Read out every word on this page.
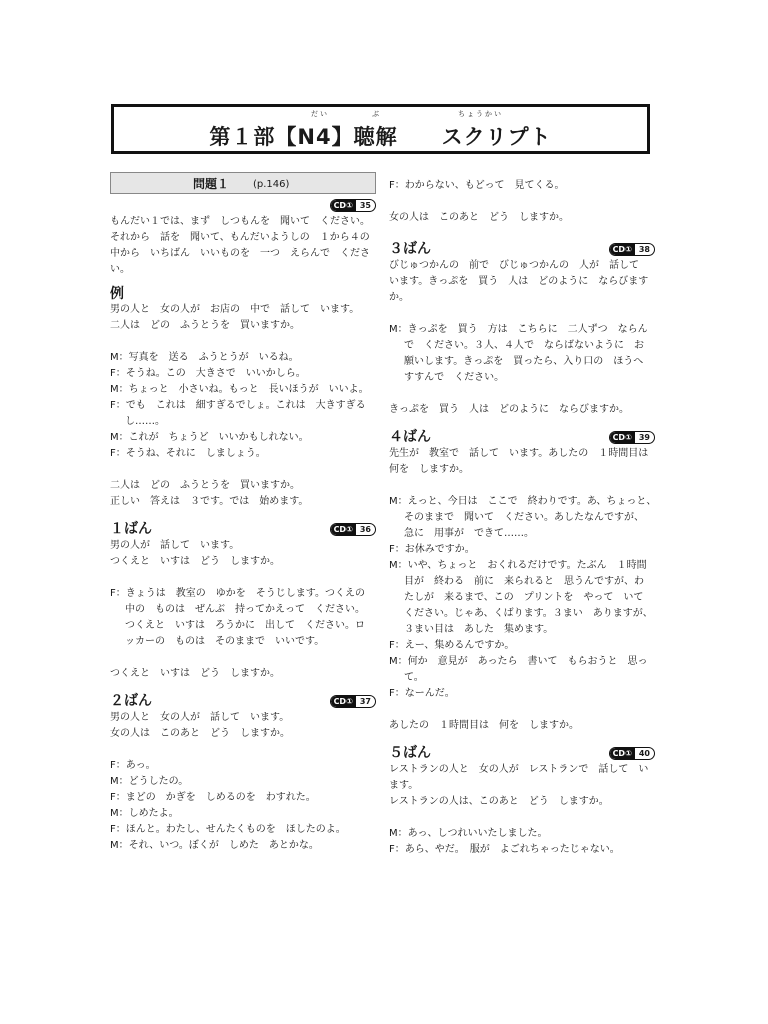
だい	ぶ	ちょうかい
第１部【N4】聴解　　スクリプト
問題１ (p.146)
CD① 35
もんだい１では、まず　しつもんを　聞いて　ください。
それから　話を　聞いて、もんだいようしの　１から４の
中から　いちばん　いいものを　一つ　えらんで　くださ
い。
例
男の人と　女の人が　お店の　中で　話して　います。
二人は　どの　ふうとうを　買いますか。
M：写真を　送る　ふうとうが　いるね。
F：そうね。この　大きさで　いいかしら。
M：ちょっと　小さいね。もっと　長いほうが　いいよ。
F：でも　これは　細すぎるでしょ。これは　大きすぎる
し……。
M：これが　ちょうど　いいかもしれない。
F：そうね、それに　しましょう。
二人は　どの　ふうとうを　買いますか。
正しい　答えは　３です。では　始めます。
１ばん	CD① 36
男の人が　話して　います。
つくえと　いすは　どう　しますか。
F：きょうは　教室の　ゆかを　そうじします。つくえの
中の　ものは　ぜんぶ　持ってかえって　ください。
つくえと　いすは　ろうかに　出して　ください。ロ
ッカーの　ものは　そのままで　いいです。
つくえと　いすは　どう　しますか。
２ばん	CD① 37
男の人と　女の人が　話して　います。
女の人は　このあと　どう　しますか。
F：あっ。
M：どうしたの。
F：まどの　かぎを　しめるのを　わすれた。
M：しめたよ。
F：ほんと。わたし、せんたくものを　ほしたのよ。
M：それ、いつ。ぼくが　しめた　あとかな。
F：わからない、もどって　見てくる。
女の人は　このあと　どう　しますか。
３ばん	CD① 38
びじゅつかんの　前で　びじゅつかんの　人が　話して
います。きっぷを　買う　人は　どのように　ならびます
か。
M：きっぷを　買う　方は　こちらに　二人ずつ　ならん
で　ください。３人、４人で　ならばないように　お
願いします。きっぷを　買ったら、入り口の　ほうへ
すすんで　ください。
きっぷを　買う　人は　どのように　ならびますか。
４ばん	CD① 39
先生が　教室で　話して　います。あしたの　１時間目は
何を　しますか。
M：えっと、今日は　ここで　終わりです。あ、ちょっと、
そのままで　聞いて　ください。あしたなんですが、
急に　用事が　できて……。
F：お休みですか。
M：いや、ちょっと　おくれるだけです。たぶん　１時間
目が　終わる　前に　来られると　思うんですが、わ
たしが　来るまで、この　プリントを　やって　いて
ください。じゃあ、くばります。３まい　ありますが、
３まい目は　あした　集めます。
F：えー、集めるんですか。
M：何か　意見が　あったら　書いて　もらおうと　思っ
て。
F：なーんだ。
あしたの　１時間目は　何を　しますか。
５ばん	CD① 40
レストランの人と　女の人が　レストランで　話して　い
ます。
レストランの人は、このあと　どう　しますか。
M：あっ、しつれいいたしました。
F：あら、やだ。　服が　よごれちゃったじゃない。
